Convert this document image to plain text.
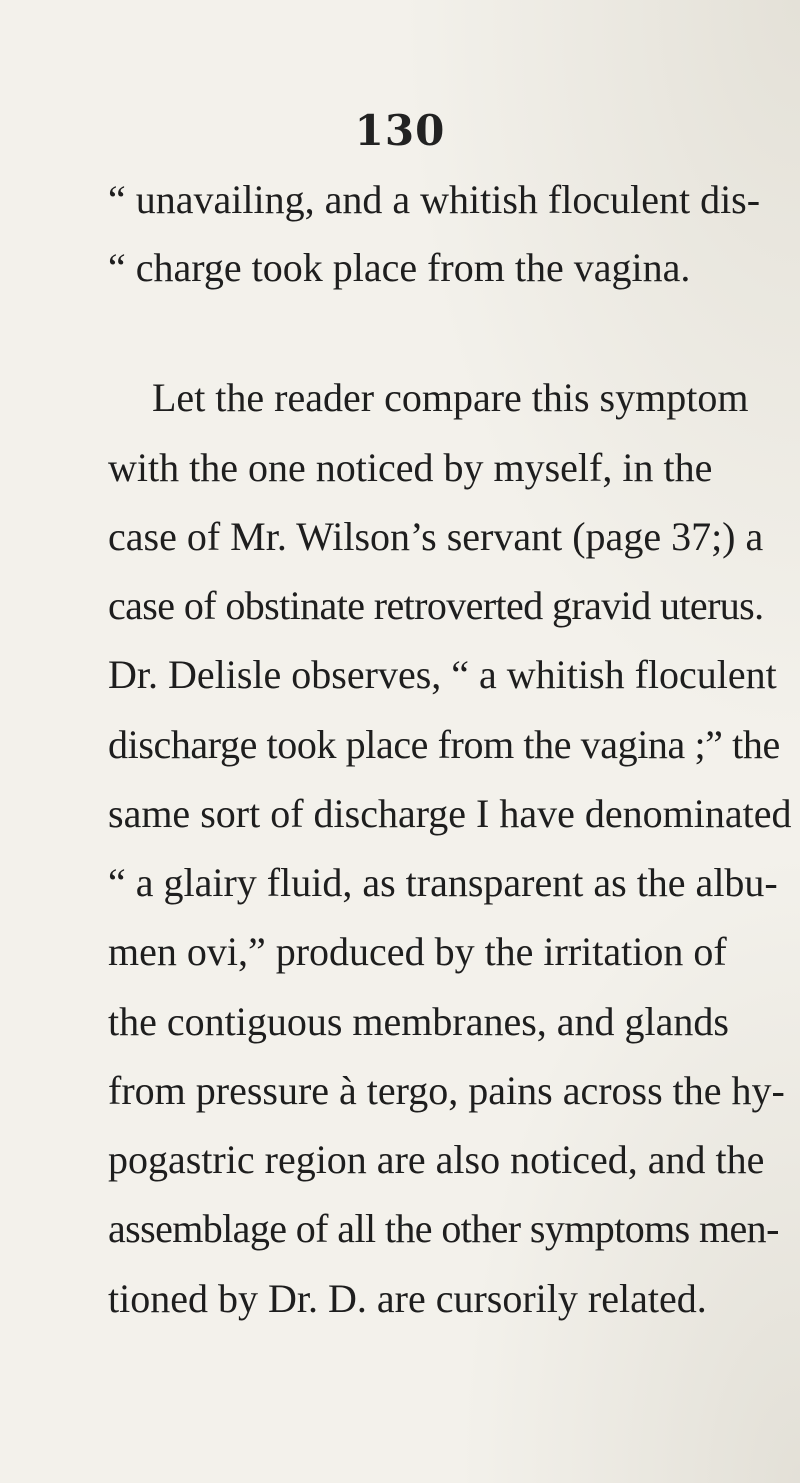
130
“ unavailing, and a whitish floculent dis-
“ charge took place from the vagina.
Let the reader compare this symptom
with the one noticed by myself, in the
case of Mr. Wilson’s servant (page 37;) a
case of obstinate retroverted gravid uterus.
Dr. Delisle observes, “ a whitish floculent
discharge took place from the vagina ;” the
same sort of discharge I have denominated
“ a glairy fluid, as transparent as the albu-
men ovi,” produced by the irritation of
the contiguous membranes, and glands
from pressure à tergo, pains across the hy-
pogastric region are also noticed, and the
assemblage of all the other symptoms men-
tioned by Dr. D. are cursorily related.
